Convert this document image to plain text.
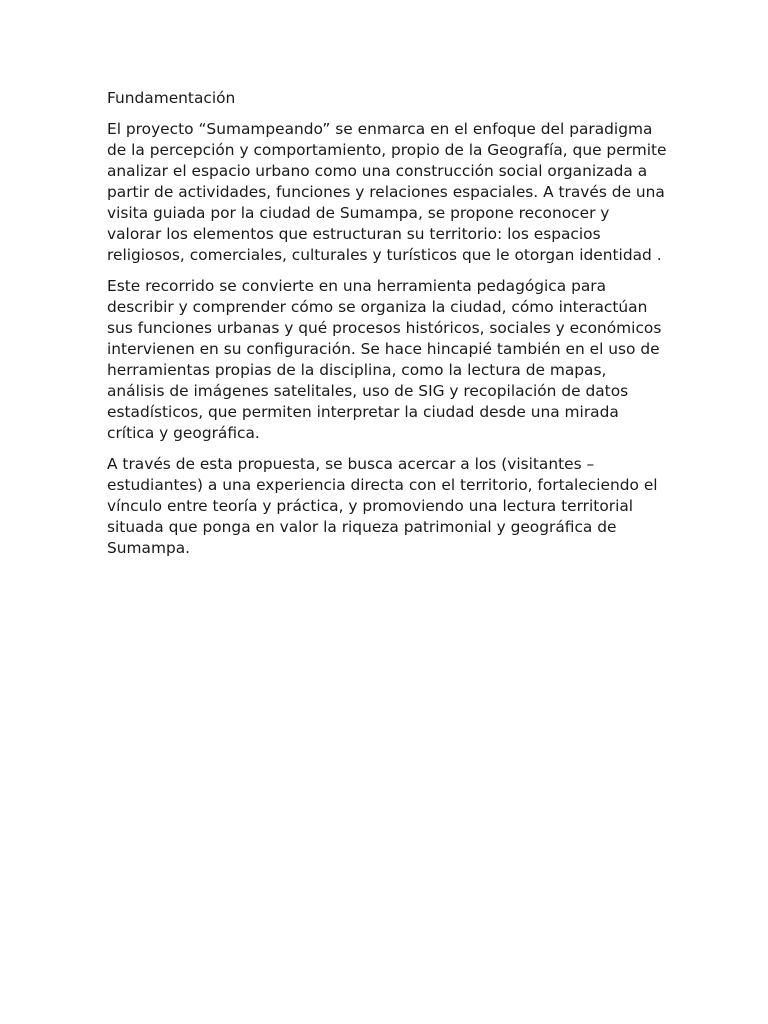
Fundamentación

El proyecto “Sumampeando” se enmarca en el enfoque del paradigma de la percepción y comportamiento, propio de la Geografía, que permite analizar el espacio urbano como una construcción social organizada a partir de actividades, funciones y relaciones espaciales. A través de una visita guiada por la ciudad de Sumampa, se propone reconocer y valorar los elementos que estructuran su territorio: los espacios religiosos, comerciales, culturales y turísticos que le otorgan identidad .

Este recorrido se convierte en una herramienta pedagógica para describir y comprender cómo se organiza la ciudad, cómo interactúan sus funciones urbanas y qué procesos históricos, sociales y económicos intervienen en su configuración. Se hace hincapié también en el uso de herramientas propias de la disciplina, como la lectura de mapas, análisis de imágenes satelitales, uso de SIG y recopilación de datos estadísticos, que permiten interpretar la ciudad desde una mirada crítica y geográfica.

A través de esta propuesta, se busca acercar a los (visitantes – estudiantes) a una experiencia directa con el territorio, fortaleciendo el vínculo entre teoría y práctica, y promoviendo una lectura territorial situada que ponga en valor la riqueza patrimonial y geográfica de Sumampa.
